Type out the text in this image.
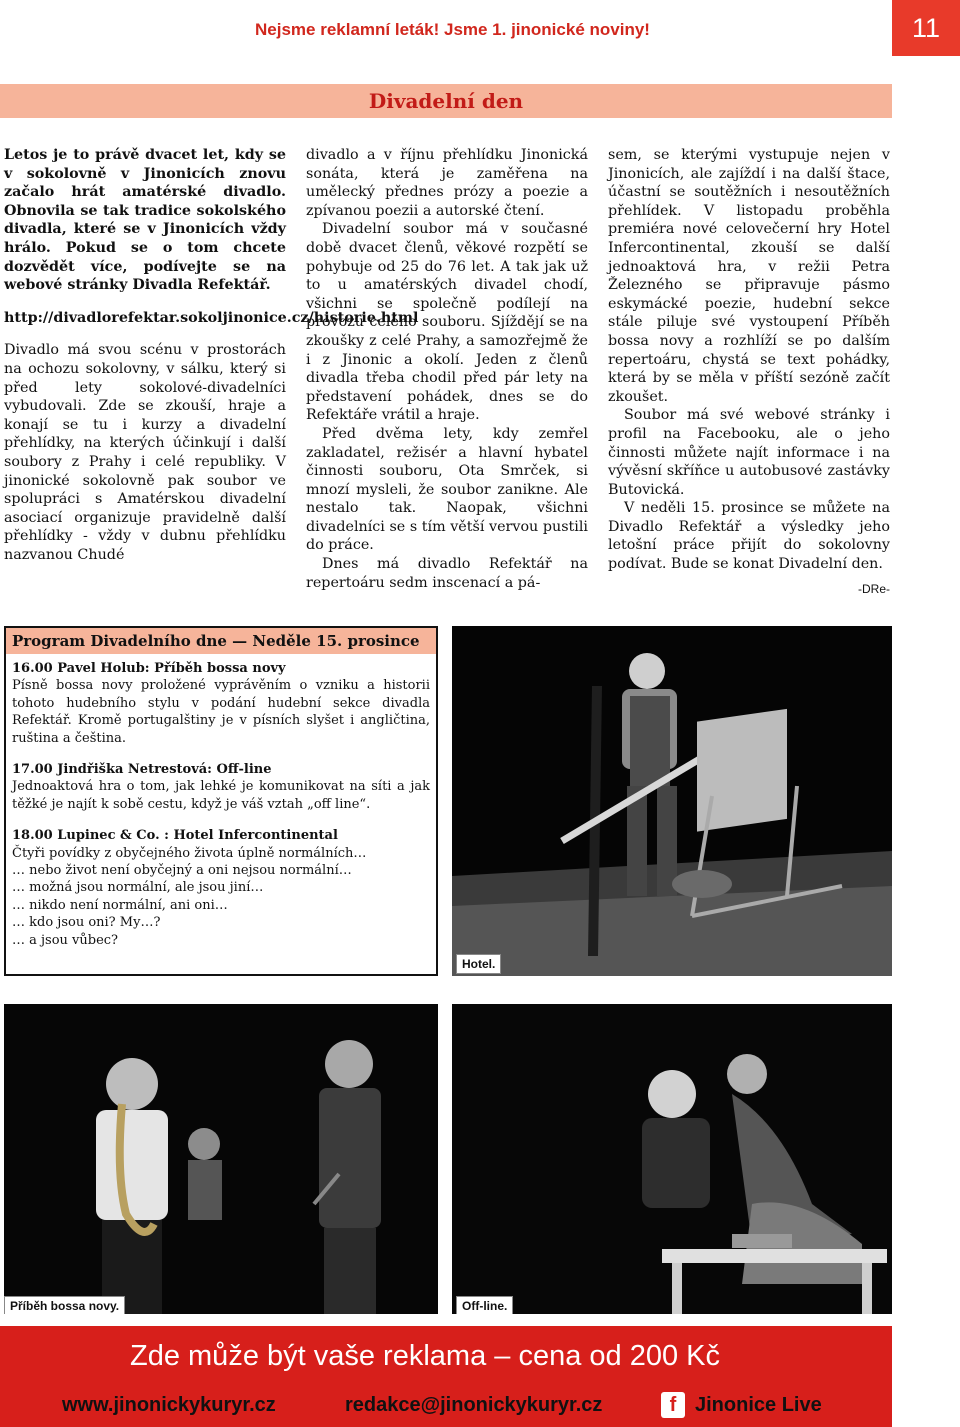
Nejsme reklamní leták! Jsme 1. jinonické noviny!	11
Divadelní den

Letos je to právě dvacet let, kdy se v sokolovně v Jinonicích znovu začalo hrát amatérské divadlo. Obnovila se tak tradice sokolského divadla, které se v Jinonicích vždy hrálo. Pokud se o tom chcete dozvědět více, podívejte se na webové stránky Divadla Refektář.

http://divadlorefektar.sokoljinonice.cz/historie.html

Divadlo má svou scénu v prostorách na ochozu sokolovny, v sálku, který si před lety sokolové-divadelníci vybudovali. Zde se zkouší, hraje a konají se tu i kurzy a divadelní přehlídky, na kterých účinkují i další soubory z Prahy i celé republiky. V jinonické sokolovně pak soubor ve spolupráci s Amatérskou divadelní asociací organizuje pravidelně další přehlídky - vždy v dubnu přehlídku nazvanou Chudé

divadlo a v říjnu přehlídku Jinonická sonáta, která je zaměřena na umělecký přednes prózy a poezie a zpívanou poezii a autorské čtení.

Divadelní soubor má v současné době dvacet členů, věkové rozpětí se pohybuje od 25 do 76 let. A tak jak už to u amatérských divadel chodí, všichni se společně podílejí na provozu celého souboru. Sjíždějí se na zkoušky z celé Prahy, a samozřejmě že i z Jinonic a okolí. Jeden z členů divadla třeba chodil před pár lety na představení pohádek, dnes se do Refektáře vrátil a hraje.

Před dvěma lety, kdy zemřel zakladatel, režisér a hlavní hybatel činnosti souboru, Ota Smrček, si mnozí mysleli, že soubor zanikne. Ale nestalo tak. Naopak, všichni divadelníci se s tím větší vervou pustili do práce.

Dnes má divadlo Refektář na repertoáru sedm inscenací a pá-

sem, se kterými vystupuje nejen v Jinonicích, ale zajíždí i na další štace, účastní se soutěžních i nesoutěžních přehlídek. V listopadu proběhla premiéra nové celovečerní hry Hotel Infercontinental, zkouší se další jednoaktová hra, v režii Petra Železného se připravuje pásmo eskymácké poezie, hudební sekce stále piluje své vystoupení Příběh bossa novy a rozhlíží se po dalším repertoáru, chystá se text pohádky, která by se měla v příští sezóně začít zkoušet.

Soubor má své webové stránky i profil na Facebooku, ale o jeho činnosti můžete najít informace i na vývěsní skříňce u autobusové zastávky Butovická.

V neděli 15. prosince se můžete na Divadlo Refektář a výsledky jeho letošní práce přijít do sokolovny podívat. Bude se konat Divadelní den.

-DRe-

Program Divadelního dne — Neděle 15. prosince
16.00 Pavel Holub: Příběh bossa novy
Písně bossa novy proložené vyprávěním o vzniku a historii tohoto hudebního stylu v podání hudební sekce divadla Refektář. Kromě portugalštiny je v písních slyšet i angličtina, ruština a čeština.
17.00 Jindřiška Netrestová: Off-line
Jednoaktová hra o tom, jak lehké je komunikovat na síti a jak těžké je najít k sobě cestu, když je váš vztah „off line“.
18.00 Lupinec & Co. : Hotel Infercontinental
Čtyři povídky z obyčejného života úplně normálních…
… nebo život není obyčejný a oni nejsou normální…
… možná jsou normální, ale jsou jiní…
… nikdo není normální, ani oni…
… kdo jsou oni? My…?
… a jsou vůbec?
Hotel.
Příběh bossa novy.	Off-line.
Zde může být vaše reklama – cena od 200 Kč
www.jinonickykuryr.cz	redakce@jinonickykuryr.cz	f Jinonice Live
